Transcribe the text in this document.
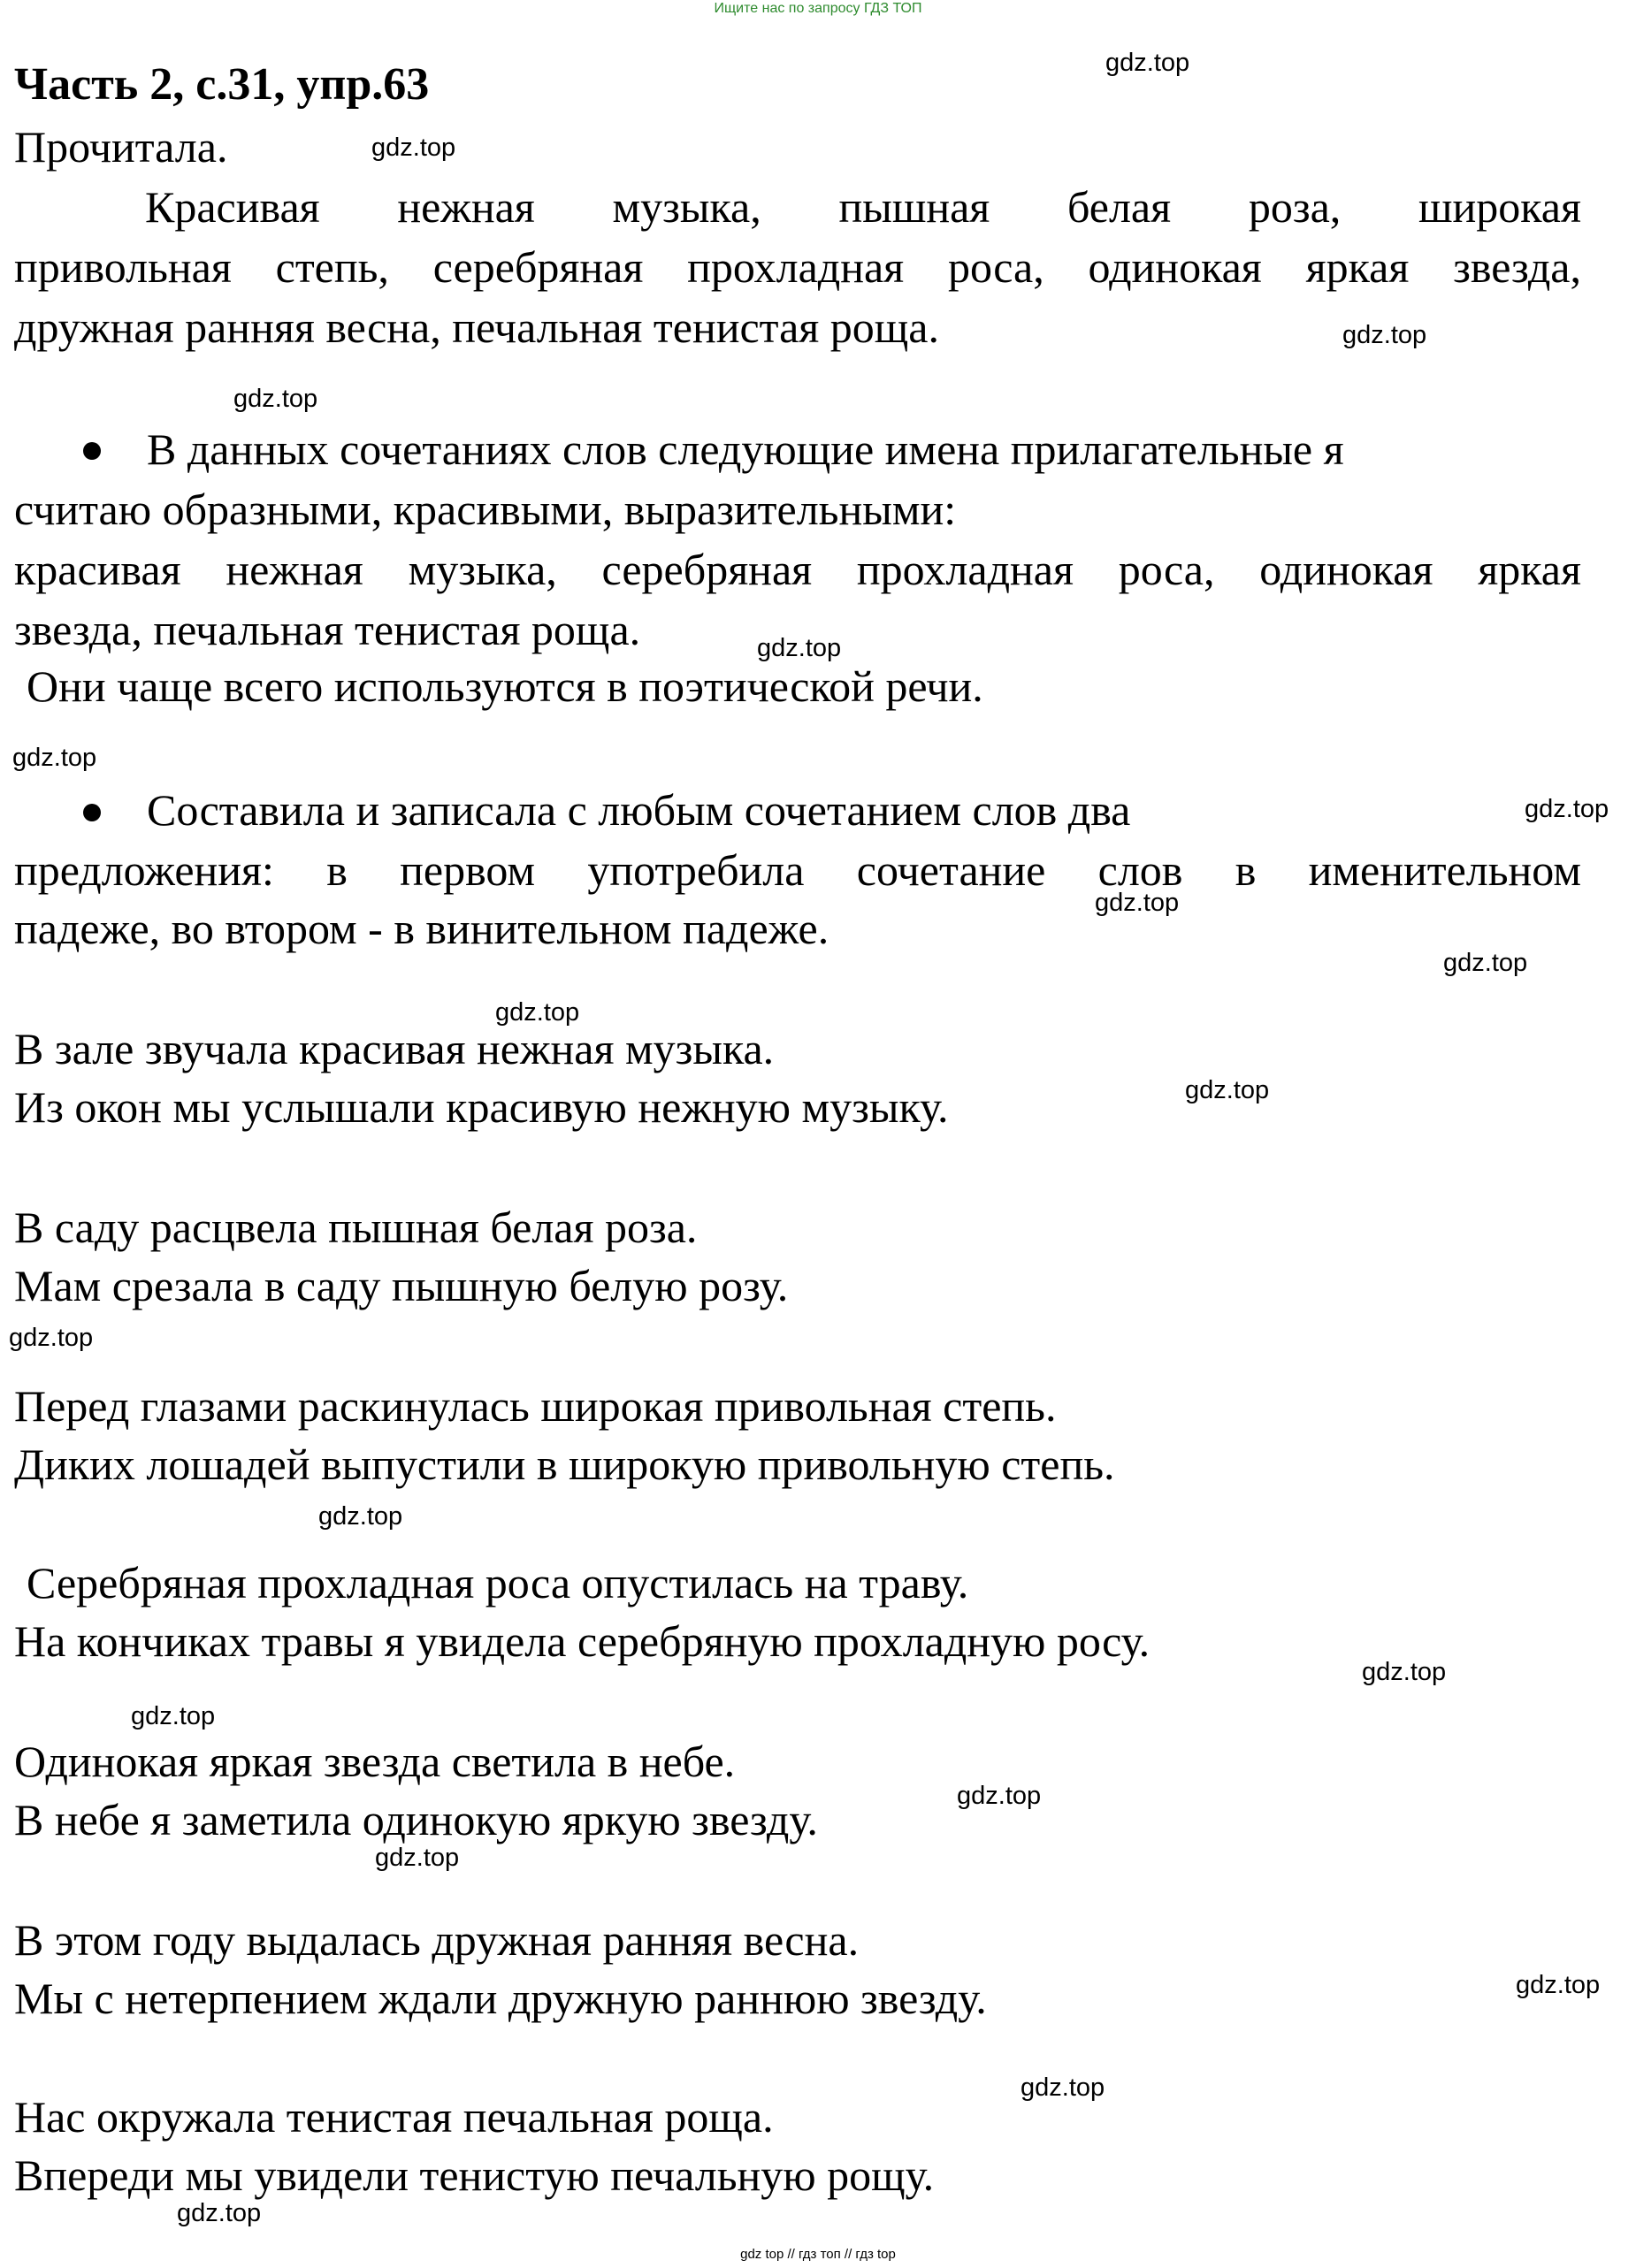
Ищите нас по запросу ГДЗ ТОП
Часть 2, с.31, упр.63
Прочитала.
Красивая нежная музыка, пышная белая роза, широкая
привольная степь, серебряная прохладная роса, одинокая яркая звезда,
дружная ранняя весна, печальная тенистая роща.
В данных сочетаниях слов следующие имена прилагательные я
считаю образными, красивыми, выразительными:
красивая нежная музыка, серебряная прохладная роса, одинокая яркая
звезда, печальная тенистая роща.
Они чаще всего используются в поэтической речи.
Составила и записала с любым сочетанием слов два
предложения: в первом употребила сочетание слов в именительном
падеже, во втором - в винительном падеже.
В зале звучала красивая нежная музыка.
Из окон мы услышали красивую нежную музыку.
В саду расцвела пышная белая роза.
Мам срезала в саду пышную белую розу.
Перед глазами раскинулась широкая привольная степь.
Диких лошадей выпустили в широкую привольную степь.
Серебряная прохладная роса опустилась на траву.
На кончиках травы я увидела серебряную прохладную росу.
Одинокая яркая звезда светила в небе.
В небе я заметила одинокую яркую звезду.
В этом году выдалась дружная ранняя весна.
Мы с нетерпением ждали дружную раннюю звезду.
Нас окружала тенистая печальная роща.
Впереди мы увидели тенистую печальную рощу.
gdz.top
gdz.top
gdz.top
gdz.top
gdz.top
gdz.top
gdz.top
gdz.top
gdz.top
gdz.top
gdz.top
gdz.top
gdz.top
gdz.top
gdz.top
gdz.top
gdz.top
gdz.top
gdz.top
gdz.top
gdz top // гдз топ // гдз top
